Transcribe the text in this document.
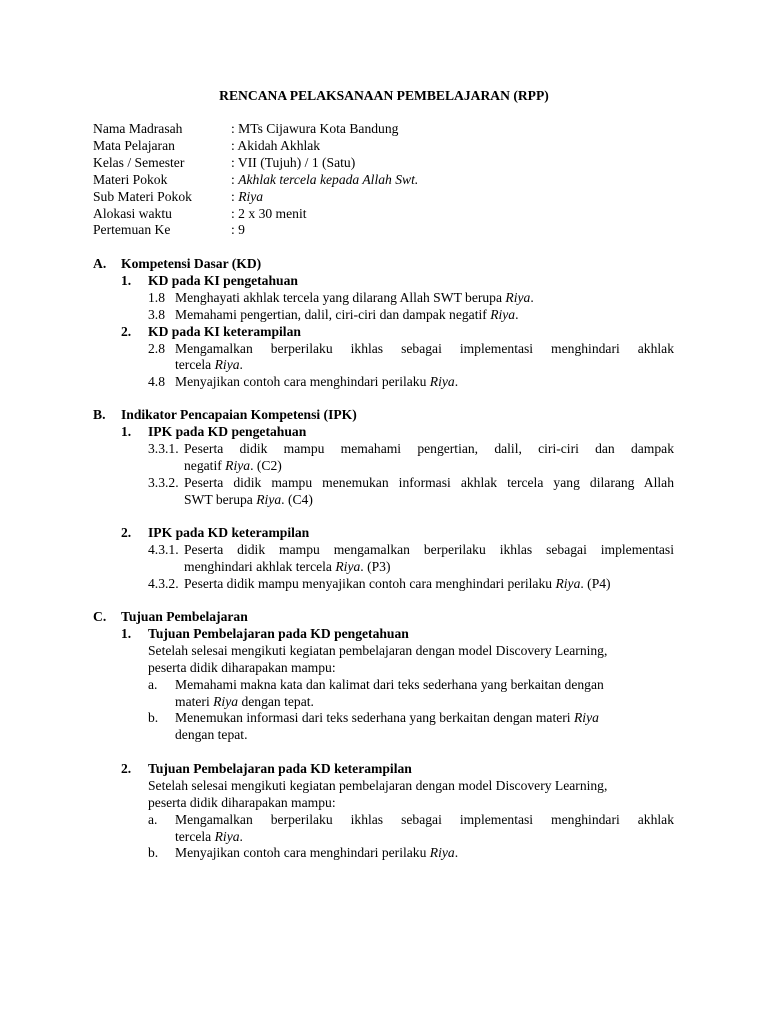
RENCANA PELAKSANAAN PEMBELAJARAN (RPP)
Nama Madrasah	: MTs Cijawura Kota Bandung
Mata Pelajaran	: Akidah Akhlak
Kelas / Semester	: VII (Tujuh) / 1 (Satu)
Materi Pokok	: Akhlak tercela kepada Allah Swt.
Sub Materi Pokok	: Riya
Alokasi waktu	: 2 x 30 menit
Pertemuan Ke	: 9
A. Kompetensi Dasar (KD)
1. KD pada KI pengetahuan
1.8 Menghayati akhlak tercela yang dilarang Allah SWT berupa Riya.
3.8 Memahami pengertian, dalil, ciri-ciri dan dampak negatif Riya.
2. KD pada KI keterampilan
2.8 Mengamalkan berperilaku ikhlas sebagai implementasi menghindari akhlak
tercela Riya.
4.8 Menyajikan contoh cara menghindari perilaku Riya.
B. Indikator Pencapaian Kompetensi (IPK)
1. IPK pada KD pengetahuan
3.3.1. Peserta didik mampu memahami pengertian, dalil, ciri-ciri dan dampak
negatif Riya. (C2)
3.3.2. Peserta didik mampu menemukan informasi akhlak tercela yang dilarang Allah
SWT berupa Riya. (C4)
2. IPK pada KD keterampilan
4.3.1. Peserta didik mampu mengamalkan berperilaku ikhlas sebagai implementasi
menghindari akhlak tercela Riya. (P3)
4.3.2. Peserta didik mampu menyajikan contoh cara menghindari perilaku Riya. (P4)
C. Tujuan Pembelajaran
1. Tujuan Pembelajaran pada KD pengetahuan
Setelah selesai mengikuti kegiatan pembelajaran dengan model Discovery Learning,
peserta didik diharapakan mampu:
a. Memahami makna kata dan kalimat dari teks sederhana yang berkaitan dengan
materi Riya dengan tepat.
b. Menemukan informasi dari teks sederhana yang berkaitan dengan materi Riya
dengan tepat.
2. Tujuan Pembelajaran pada KD keterampilan
Setelah selesai mengikuti kegiatan pembelajaran dengan model Discovery Learning,
peserta didik diharapakan mampu:
a. Mengamalkan berperilaku ikhlas sebagai implementasi menghindari akhlak
tercela Riya.
b. Menyajikan contoh cara menghindari perilaku Riya.
